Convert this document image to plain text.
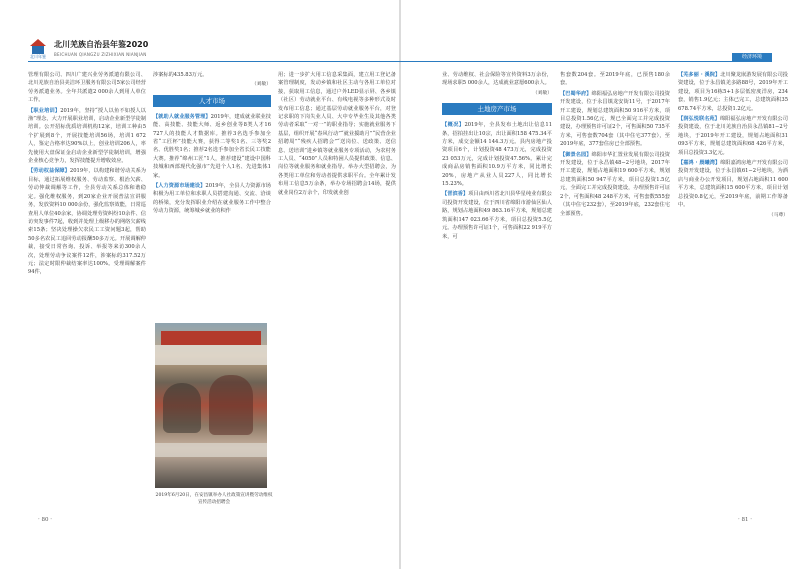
北川年鉴
北川羌族自治县年鉴2020
BEICHUAN QIANGZU ZIZHIXIAN NIANJIAN

管理有限公司、四川广建兴业劳务派遣有限公司、北川羌族自治县美洁环卫服务有限公司5家公司经营劳务派遣业务。全年共派遣2 000余人到用人单位工作。

【职业培训】2019年，坚持“授人以鱼不如授人以渔”理念，大力开展职业培训，启动企业新型学徒制培训。公开招标优质培训机构12家，培训工种由5个扩展到8个，开展技能培训56场，培训1 672人，鉴定合格率达90%以上，创业培训206人，率先使用大盘保证金启动企业新型学徒制培训，增强企业核心竞争力，发挥技能提升增收效应。

【劳动权益保障】2019年，以构建和谐劳动关系为目标，通过拓展维权服务、劳动监察、根治欠薪、劳动仲裁调解等工作，全县劳动关系总体和谐稳定。强化维权服务，到20家企业开展普法宣讲服务，发放资料10 000余份，强化监察效能，日常巡查用人单位40余家，协调处理劳资纠纷10余件、信访突发事件7起，收到并处理上级移办的网络欠薪线索15条；坚决处理操欠农民工工资问题3起，帮助50多名农民工追回劳动报酬50多万元。开展调解仲裁，接受日常咨询、投诉、举报等来访300余人次，处理劳动争议案件12件，涉案标的317.52万元；法定时限仲裁结案率达100%。受理调解案件94件，

涉案标的435.83万元。

（刘敏）

人才市场

【就助人就业服务管理】2019年，建成就业联业技能、高技能、技能大师、返乡创业等8类人才16 727人的技能人才数据库。推荐3名选手参加全省“工匠杯”技能大赛，获得二等奖1名、三等奖2名、优胜奖1名；推荐2名选手参加全省长民工技能大赛。推荐“绵州工匠”1人，推荐建设“建设中国科技城和西部现代化强市”先进个人1名、先进集体1家。

【人力资源市场建设】2019年，全县人力资源市场积极为用工单位和求职人员搭建沟通、交流、洽谈的桥梁，充分发挥职业介绍在就业服务工作中整合劳动力资源，统筹城乡就业的积作

用；进一步扩大用工信息采集面，建立用工登记备案管理制度，发动乡镇和社区主动与各用工单位对接，获取用工信息，通过户外LED显示屏、各乡镇（社区）劳动就业平台、有线电视等多种形式及时发布用工信息；通过基层劳动就业服务平台，对登记求职的下岗失业人员、大中专毕业生及其他各类劳动者采取“一对一”的职业指导；实施就业服务下基层，组织开展“春风行动”“就业援助月”“民营企业招聘周”“残疾人招聘会”“送岗位、送政策、送信息、送培训”进乡镇等就业服务专项活动，为农村务工人员、“4050”人员和特困人员提供政策、信息、岗位等就业服务和就业指导。举办大型招聘会，为各类用工单位和劳动者提供求职平台。全年累计发布用工信息5万余条，举办专场招聘会14场，提供就业岗位2万余个，印发就业创

2019年6月20日，在安昌镇举办人社政策宣讲暨劳动维权宣传活动招聘会
· 80 ·
经济环境

业、劳动维权、社会保险等宣传资料3万余份，现场求职5 000余人，达成就业意愿600余人。

（刘敏）

土地房产市场

【概况】2019年，全县发布土地出让信息11条，招拍挂出让10宗，出让面积158 475.34平方米，成交金额14 144.3万元。县内房地产投资项目6个，计划投资48 473万元，完成投资23 053万元，完成计划投资47.56%。累计完成商品房销售面积10.9万平方米，同比增长20%，房地产从业人员227人，同比增长15.23%。

【晋滨香】项目由西川省北川县华星纯业有限公司投资开发建设，位于四川省绵阳市游仙区仙人路，规划占地面积49 863.16平方米，规划总建筑面积147 023.66平方米，项目总投资5.5亿元。办理预售许可证1个，可售面积22 919平方米，可

售套数204套。至2019年底，已预售180余套。

【巴蜀华府】绵阳福弘房地产开发有限公司投资开发建设，位于永昌镇龙安街11号，于2017年开工建设，规划总建筑面积50 916平方米，项目总投资1.56亿元，规已全面完工并完成投资建设，办理预售许可证2个，可售面积50 735平方米，可售套数704套（其中住宅377套），至2019年底，377套住房已全部预售。

【御景名园】绵阳市华汇置业发展有限公司投资开发建设，位于永昌镇48−2号地块，2017年开工建设，规划占地面积19 600平方米，规划总建筑面积50 947平方米，项目总投资1.5亿元，全面完工并完成投资建设，办理预售许可证2个，可售面积48 248平方米，可售套数555套（其中住宅232套），至2019年底，232套住宅全部预售。

【芜多丽 · 溪院】北川聚龙嵌游发展有限公司投资建设，位于永昌镇羌多路88号，2019年开工建设，项目为16栋5+1多层低密度洋房，234套，销售1.9亿元；主体已完工，总建筑面积35 678.74平方米，总投资1.2亿元。

【润弘悦联名苑】绵阳福弘房地产开发有限公司投资建设，位于北川羌族自治县永昌镇81−2号地块，于2019年开工建设，规划占地面积31 093平方米，规划总建筑面积68 426平方米，项目总投资3.3亿元。

【嘉鸿 · 晨曦湾】绵阳嘉鸿房地产开发有限公司投资开发建设，位于永昌镇61−2号地块，为酒店与商业办公开发项目，规划占地面积11 600平方米，总建筑面积15 600平方米，项目计划总投资0.8亿元，至2019年底，前期工作筹备中。

（马尊）

· 81 ·
